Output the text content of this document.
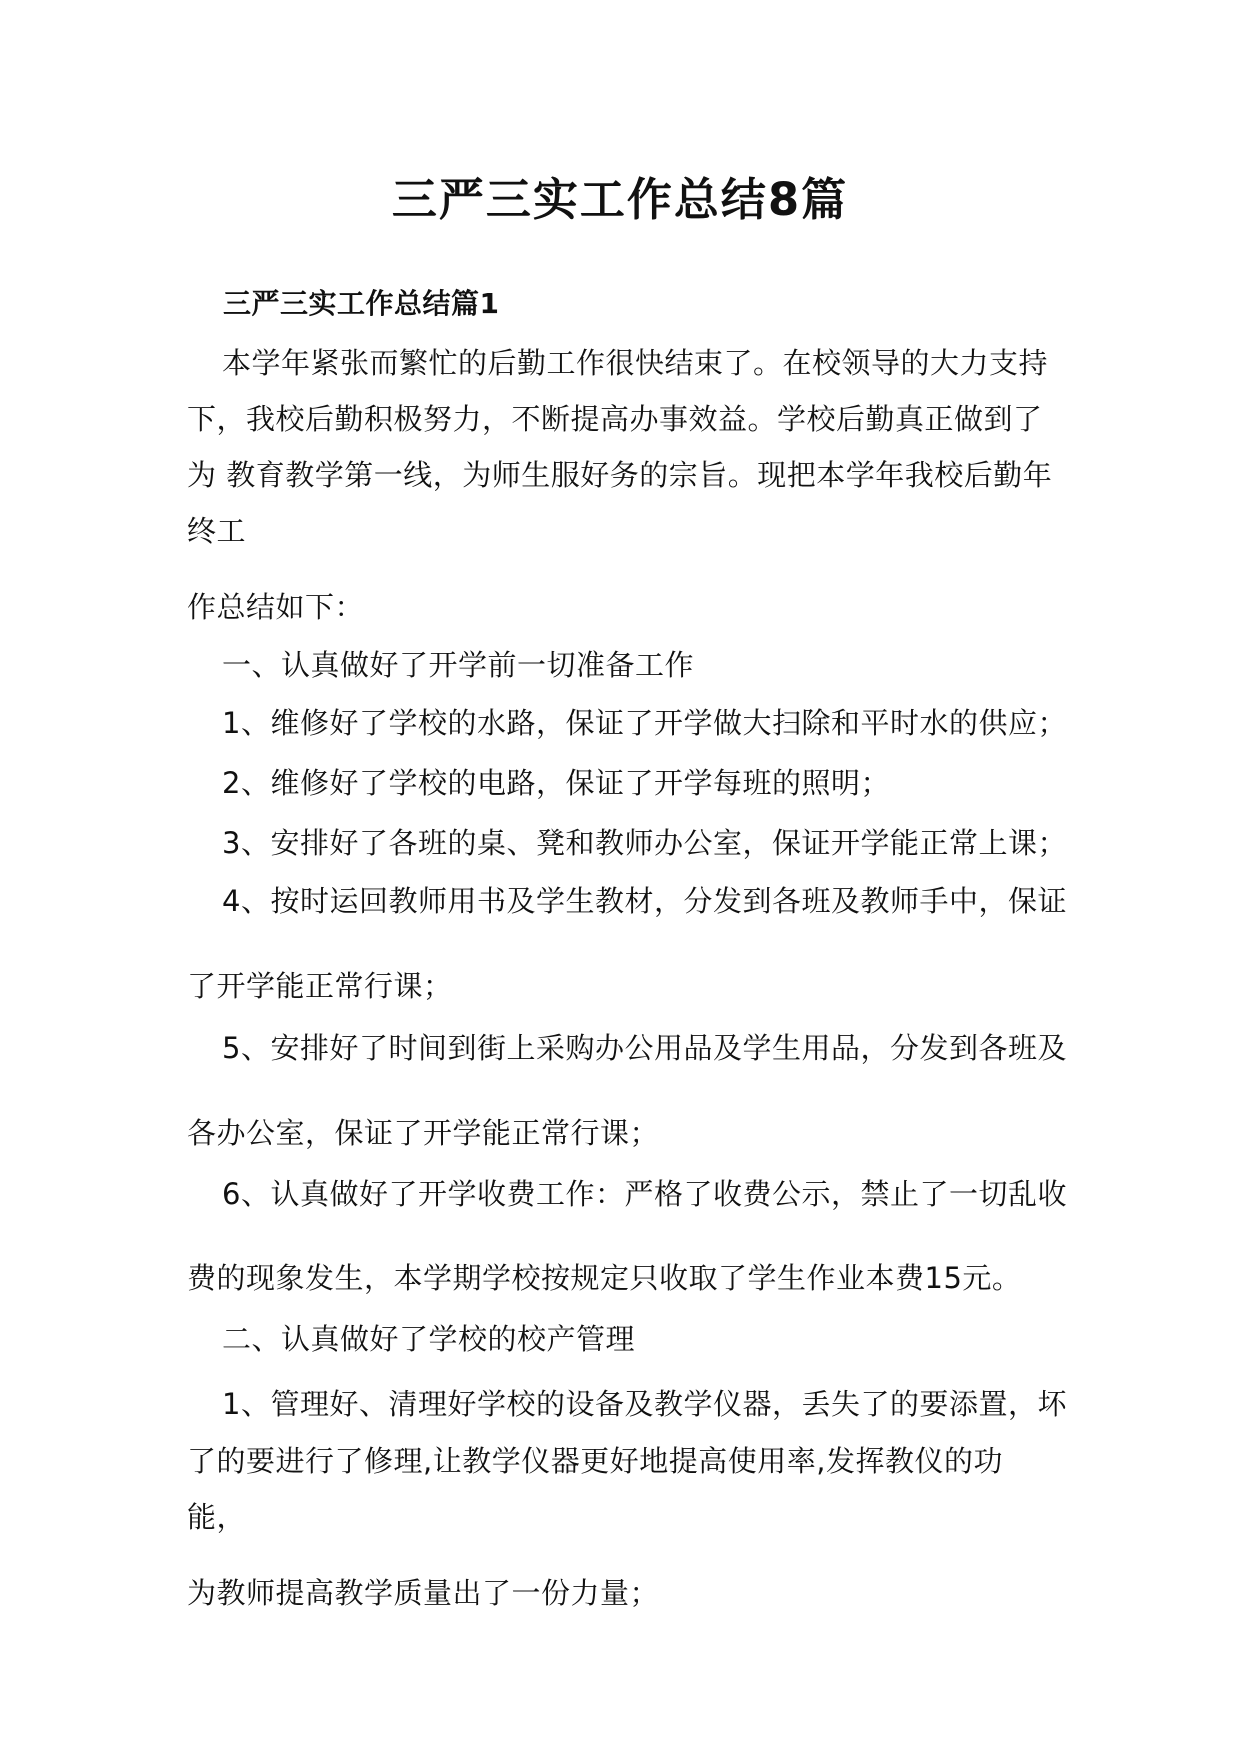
三严三实工作总结8篇

三严三实工作总结篇1

本学年紧张而繁忙的后勤工作很快结束了。在校领导的大力支持

下，我校后勤积极努力，不断提高办事效益。学校后勤真正做到了

为 教育教学第一线，为师生服好务的宗旨。现把本学年我校后勤年

终工

作总结如下：

一、认真做好了开学前一切准备工作

1、维修好了学校的水路，保证了开学做大扫除和平时水的供应；

2、维修好了学校的电路，保证了开学每班的照明；

3、安排好了各班的桌、凳和教师办公室，保证开学能正常上课；

4、按时运回教师用书及学生教材，分发到各班及教师手中，保证

了开学能正常行课；

5、安排好了时间到街上采购办公用品及学生用品，分发到各班及

各办公室，保证了开学能正常行课；

6、认真做好了开学收费工作：严格了收费公示，禁止了一切乱收

费的现象发生，本学期学校按规定只收取了学生作业本费15元。

二、认真做好了学校的校产管理

1、管理好、清理好学校的设备及教学仪器，丢失了的要添置，坏

了的要进行了修理,让教学仪器更好地提高使用率,发挥教仪的功

能，

为教师提高教学质量出了一份力量；
